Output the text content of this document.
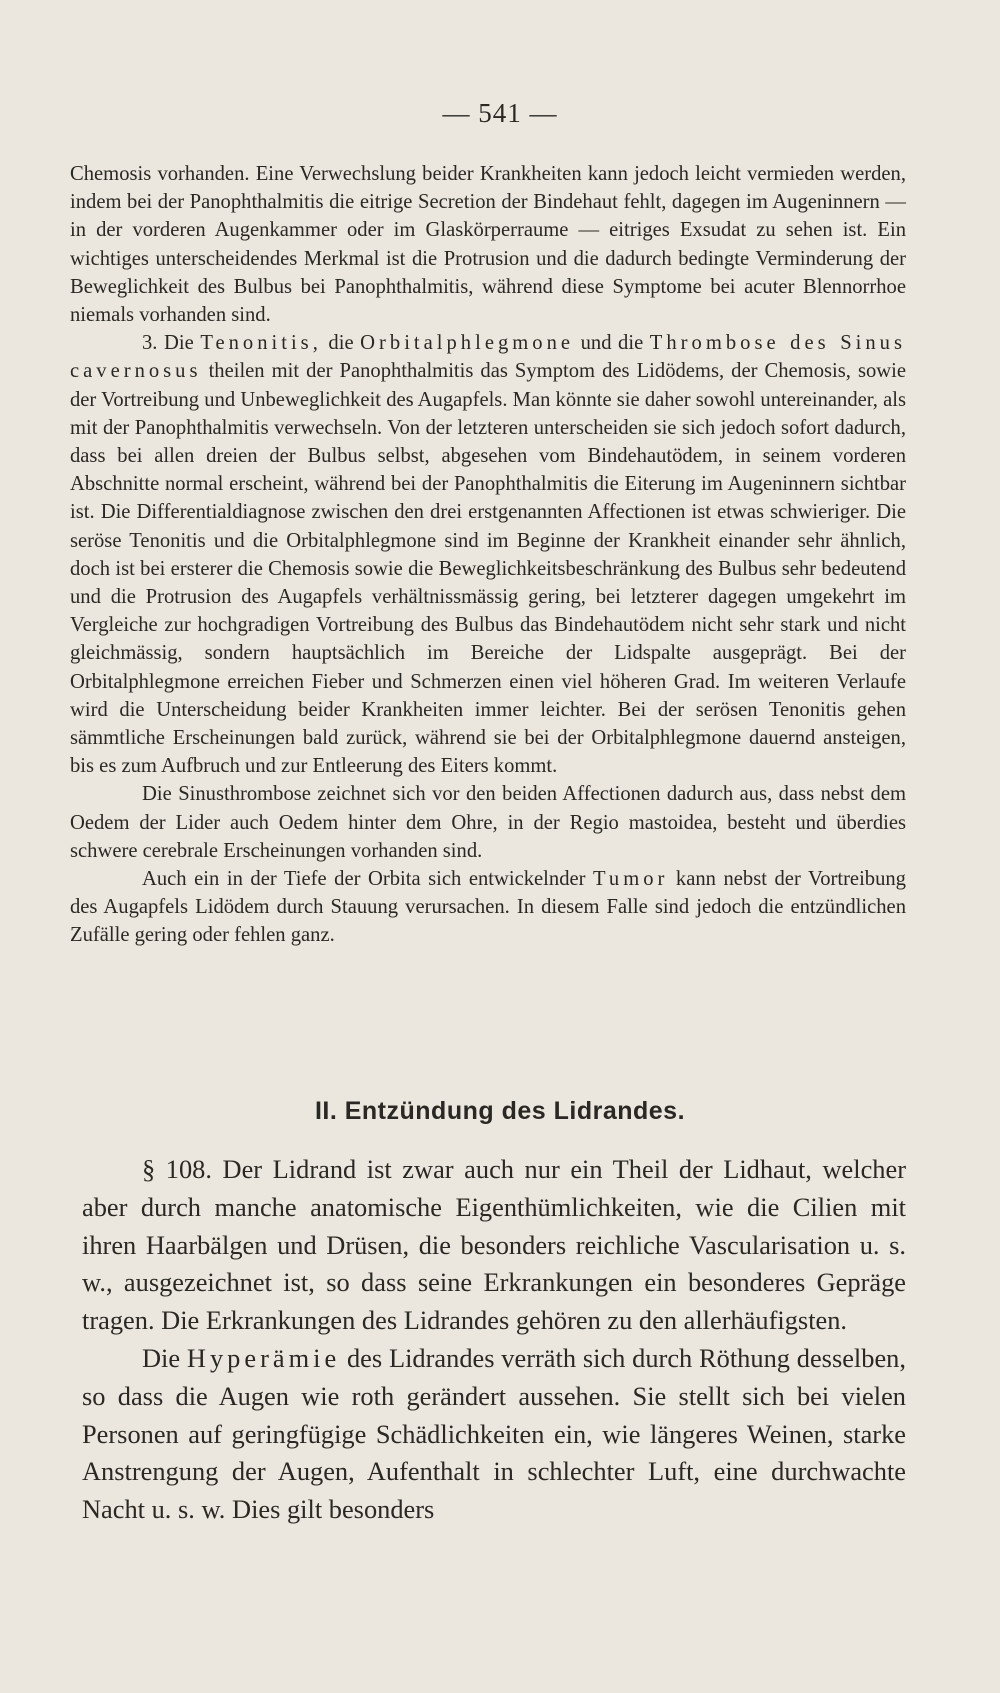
— 541 —

Chemosis vorhanden. Eine Verwechslung beider Krankheiten kann jedoch leicht vermieden werden, indem bei der Panophthalmitis die eitrige Secretion der Bindehaut fehlt, dagegen im Augeninnern — in der vorderen Augenkammer oder im Glaskörperraume — eitriges Exsudat zu sehen ist. Ein wichtiges unterscheidendes Merkmal ist die Protrusion und die dadurch bedingte Verminderung der Beweglichkeit des Bulbus bei Panophthalmitis, während diese Symptome bei acuter Blennorrhoe niemals vorhanden sind.

3. Die Tenonitis, die Orbitalphlegmone und die Thrombose des Sinus cavernosus theilen mit der Panophthalmitis das Symptom des Lidödems, der Chemosis, sowie der Vortreibung und Unbeweglichkeit des Augapfels. Man könnte sie daher sowohl untereinander, als mit der Panophthalmitis verwechseln. Von der letzteren unterscheiden sie sich jedoch sofort dadurch, dass bei allen dreien der Bulbus selbst, abgesehen vom Bindehautödem, in seinem vorderen Abschnitte normal erscheint, während bei der Panophthalmitis die Eiterung im Augeninnern sichtbar ist. Die Differentialdiagnose zwischen den drei erstgenannten Affectionen ist etwas schwieriger. Die seröse Tenonitis und die Orbitalphlegmone sind im Beginne der Krankheit einander sehr ähnlich, doch ist bei ersterer die Chemosis sowie die Beweglichkeitsbeschränkung des Bulbus sehr bedeutend und die Protrusion des Augapfels verhältnissmässig gering, bei letzterer dagegen umgekehrt im Vergleiche zur hochgradigen Vortreibung des Bulbus das Bindehautödem nicht sehr stark und nicht gleichmässig, sondern hauptsächlich im Bereiche der Lidspalte ausgeprägt. Bei der Orbitalphlegmone erreichen Fieber und Schmerzen einen viel höheren Grad. Im weiteren Verlaufe wird die Unterscheidung beider Krankheiten immer leichter. Bei der serösen Tenonitis gehen sämmtliche Erscheinungen bald zurück, während sie bei der Orbitalphlegmone dauernd ansteigen, bis es zum Aufbruch und zur Entleerung des Eiters kommt.

Die Sinusthrombose zeichnet sich vor den beiden Affectionen dadurch aus, dass nebst dem Oedem der Lider auch Oedem hinter dem Ohre, in der Regio mastoidea, besteht und überdies schwere cerebrale Erscheinungen vorhanden sind.

Auch ein in der Tiefe der Orbita sich entwickelnder Tumor kann nebst der Vortreibung des Augapfels Lidödem durch Stauung verursachen. In diesem Falle sind jedoch die entzündlichen Zufälle gering oder fehlen ganz.

II. Entzündung des Lidrandes.

§ 108. Der Lidrand ist zwar auch nur ein Theil der Lidhaut, welcher aber durch manche anatomische Eigenthümlichkeiten, wie die Cilien mit ihren Haarbälgen und Drüsen, die besonders reichliche Vascularisation u. s. w., ausgezeichnet ist, so dass seine Erkrankungen ein besonderes Gepräge tragen. Die Erkrankungen des Lidrandes gehören zu den allerhäufigsten.

Die Hyperämie des Lidrandes verräth sich durch Röthung desselben, so dass die Augen wie roth gerändert aussehen. Sie stellt sich bei vielen Personen auf geringfügige Schädlichkeiten ein, wie längeres Weinen, starke Anstrengung der Augen, Aufenthalt in schlechter Luft, eine durchwachte Nacht u. s. w. Dies gilt besonders
